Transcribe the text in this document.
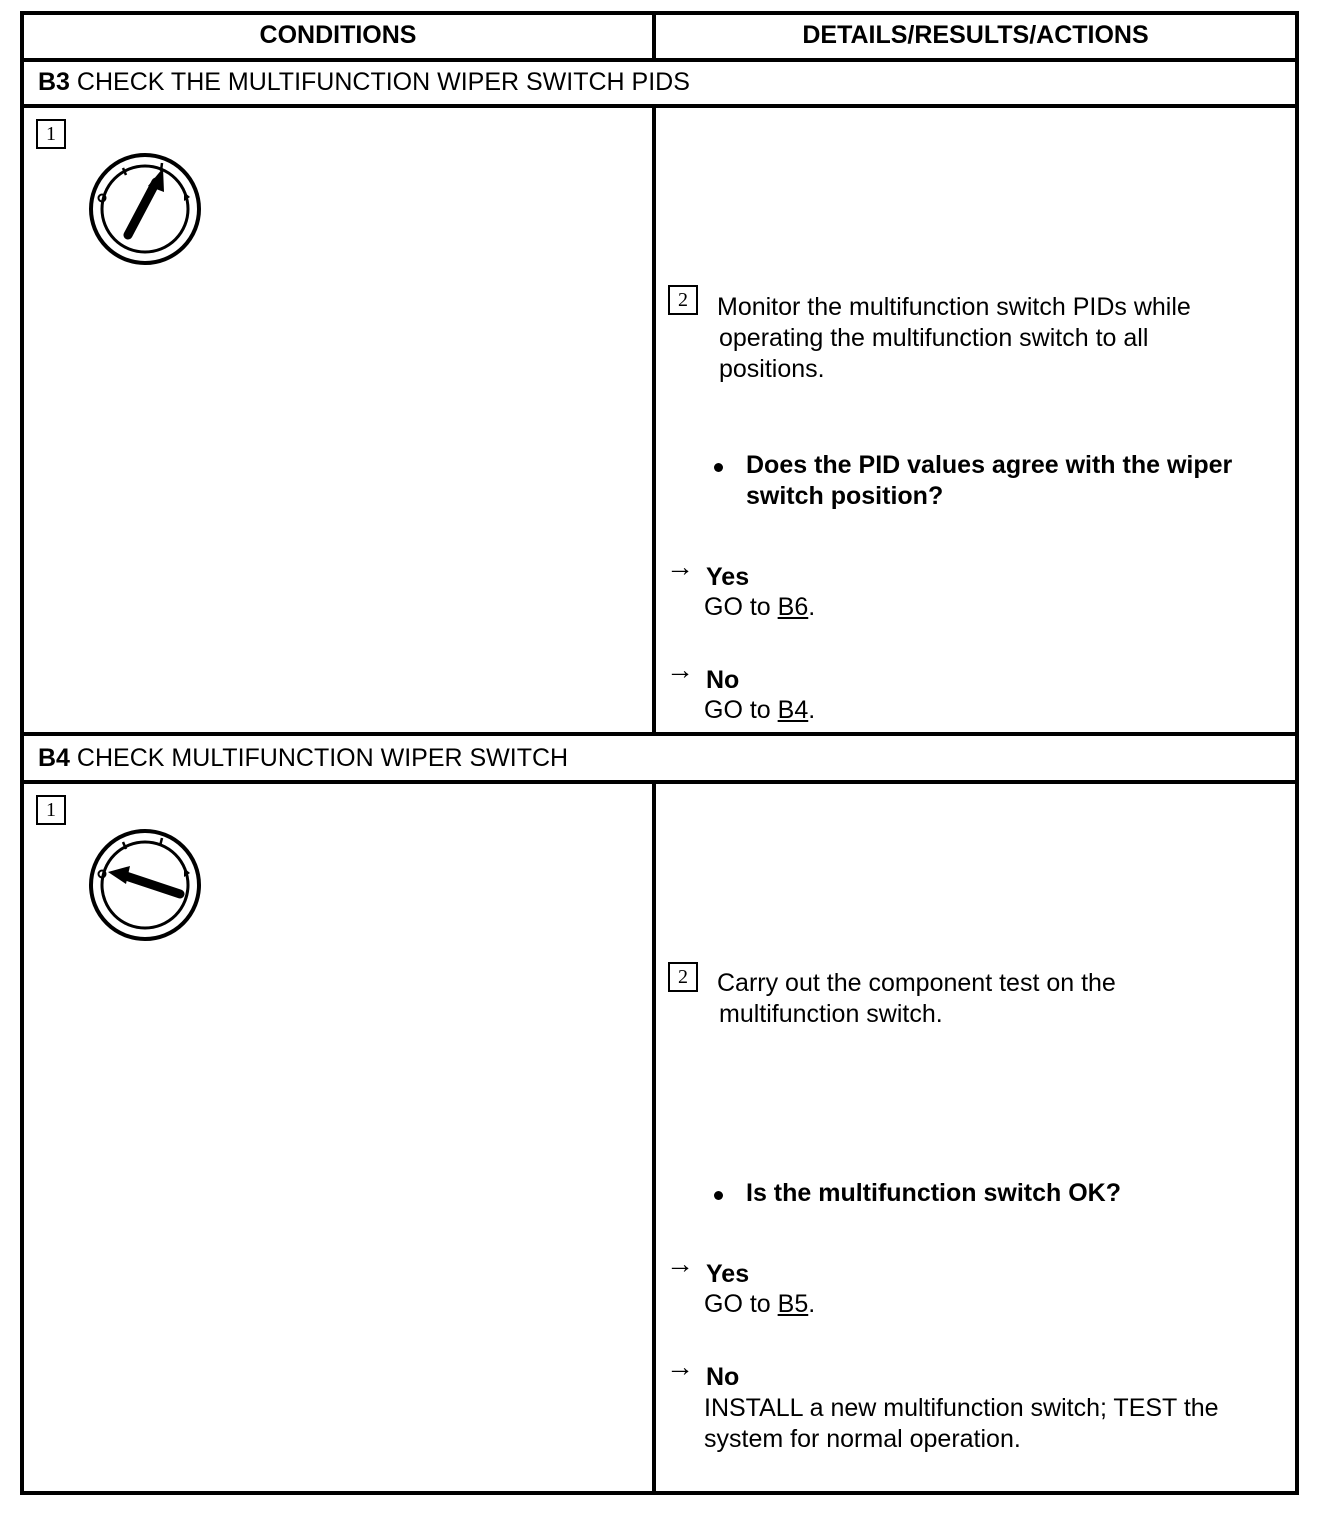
CONDITIONS	DETAILS/RESULTS/ACTIONS
B3 CHECK THE MULTIFUNCTION WIPER SWITCH PIDS
1
2	Monitor the multifunction switch PIDs while
operating the multifunction switch to all
positions.
Does the PID values agree with the wiper
switch position?
→ Yes
GO to B6.
→ No
GO to B4.
B4 CHECK MULTIFUNCTION WIPER SWITCH
1
2	Carry out the component test on the
multifunction switch.
Is the multifunction switch OK?
→ Yes
GO to B5.
→ No
INSTALL a new multifunction switch; TEST the
system for normal operation.
